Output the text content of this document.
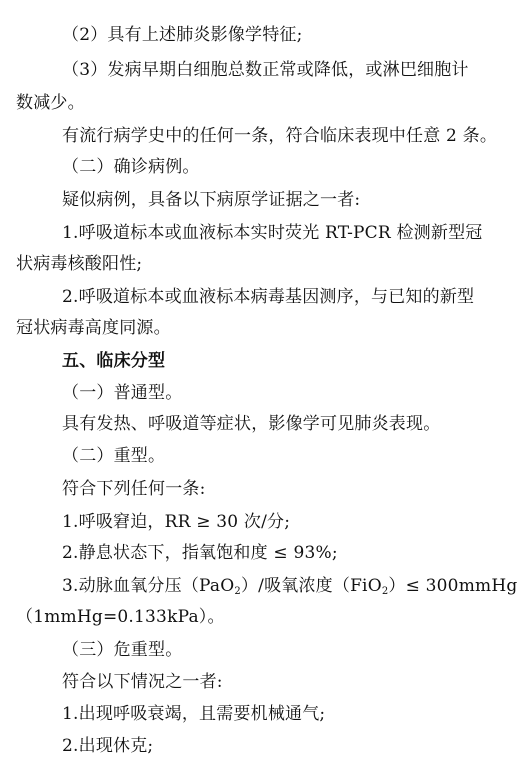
（2）具有上述肺炎影像学特征;
（3）发病早期白细胞总数正常或降低，或淋巴细胞计
数减少。
有流行病学史中的任何一条，符合临床表现中任意 2 条。
（二）确诊病例。
疑似病例，具备以下病原学证据之一者:
1.呼吸道标本或血液标本实时荧光 RT-PCR 检测新型冠
状病毒核酸阳性;
2.呼吸道标本或血液标本病毒基因测序，与已知的新型
冠状病毒高度同源。
五、临床分型
（一）普通型。
具有发热、呼吸道等症状，影像学可见肺炎表现。
（二）重型。
符合下列任何一条:
1.呼吸窘迫，RR ≥ 30 次/分;
2.静息状态下，指氧饱和度 ≤ 93%;
3.动脉血氧分压（PaO$_2$）/吸氧浓度（FiO$_2$）≤ 300mmHg
（1mmHg=0.133kPa）。
（三）危重型。
符合以下情况之一者:
1.出现呼吸衰竭，且需要机械通气;
2.出现休克;
